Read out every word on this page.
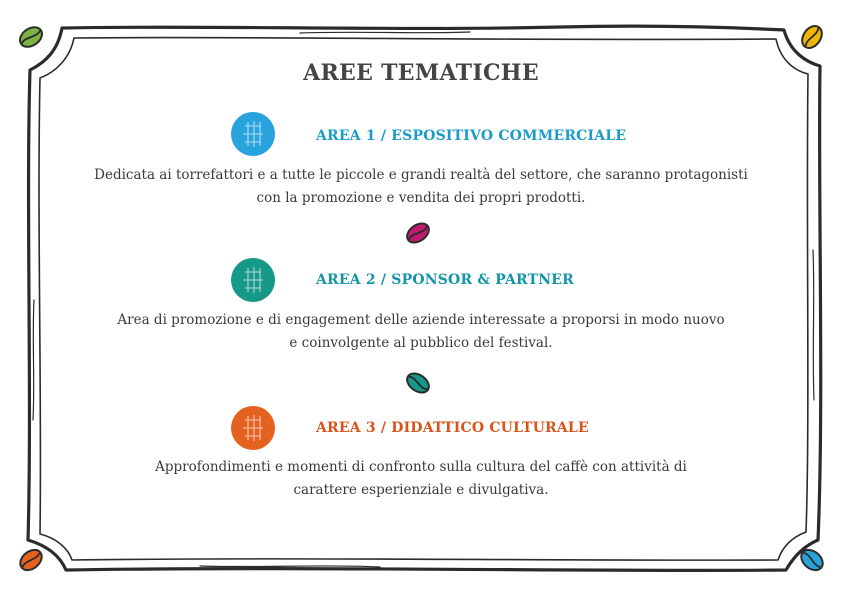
AREE TEMATICHE
AREA 1 / ESPOSITIVO COMMERCIALE
Dedicata ai torrefattori e a tutte le piccole e grandi realtà del settore, che saranno protagonisti
con la promozione e vendita dei propri prodotti.
AREA 2 / SPONSOR & PARTNER
Area di promozione e di engagement delle aziende interessate a proporsi in modo nuovo
e coinvolgente al pubblico del festival.
AREA 3 / DIDATTICO CULTURALE
Approfondimenti e momenti di confronto sulla cultura del caffè con attività di
carattere esperienziale e divulgativa.
